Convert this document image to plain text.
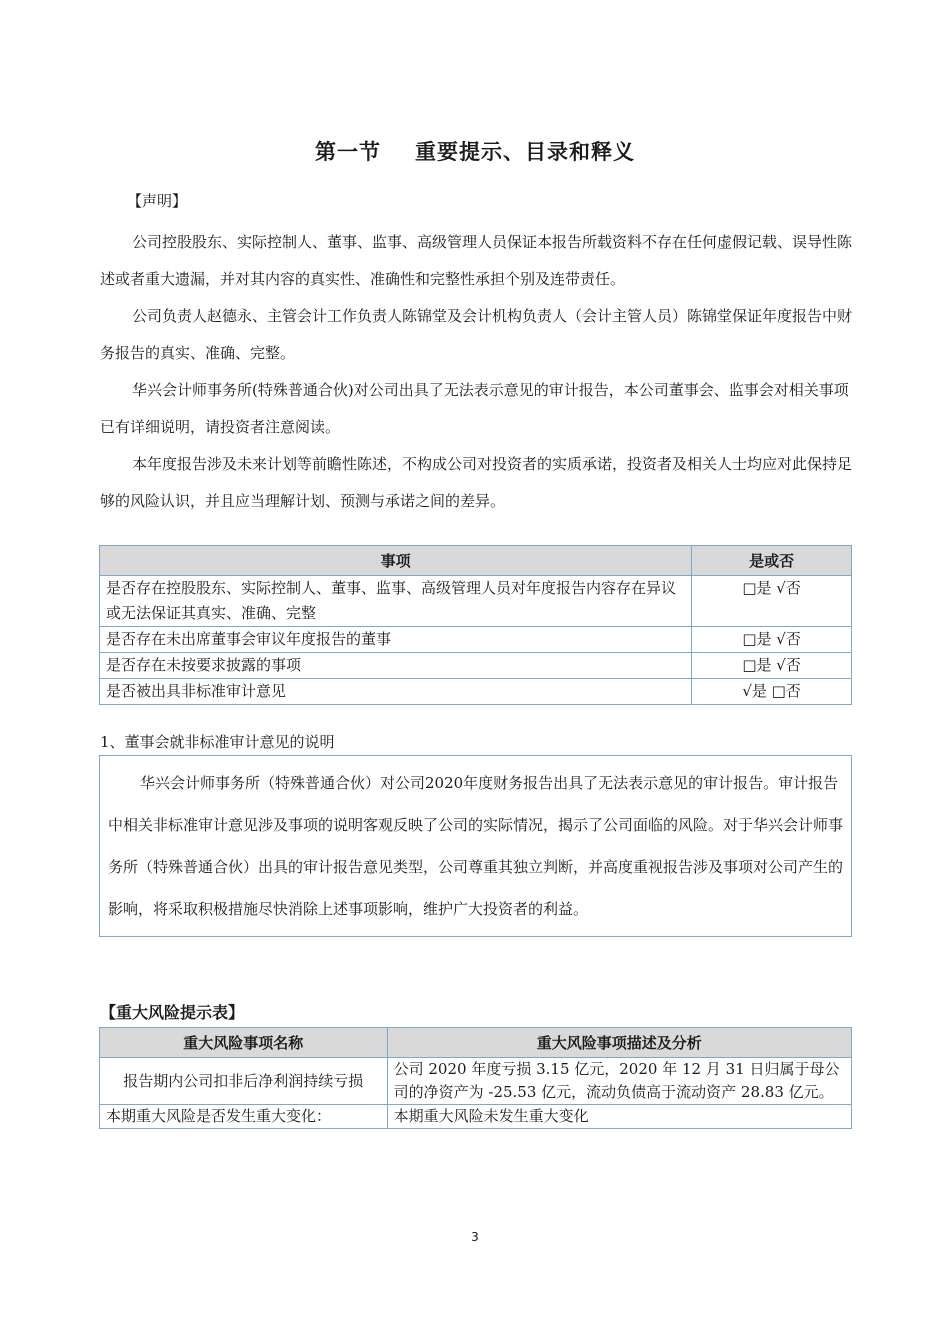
第一节 重要提示、目录和释义
【声明】

公司控股股东、实际控制人、董事、监事、高级管理人员保证本报告所载资料不存在任何虚假记载、误导性陈述或者重大遗漏，并对其内容的真实性、准确性和完整性承担个别及连带责任。

公司负责人赵德永、主管会计工作负责人陈锦堂及会计机构负责人（会计主管人员）陈锦堂保证年度报告中财务报告的真实、准确、完整。

华兴会计师事务所(特殊普通合伙)对公司出具了无法表示意见的审计报告，本公司董事会、监事会对相关事项已有详细说明，请投资者注意阅读。

本年度报告涉及未来计划等前瞻性陈述，不构成公司对投资者的实质承诺，投资者及相关人士均应对此保持足够的风险认识，并且应当理解计划、预测与承诺之间的差异。

事项	是或否
是否存在控股股东、实际控制人、董事、监事、高级管理人员对年度报告内容存在异议或无法保证其真实、准确、完整	□是 √否
是否存在未出席董事会审议年度报告的董事	□是 √否
是否存在未按要求披露的事项	□是 √否
是否被出具非标准审计意见	√是 □否
1、董事会就非标准审计意见的说明
华兴会计师事务所（特殊普通合伙）对公司2020年度财务报告出具了无法表示意见的审计报告。审计报告中相关非标准审计意见涉及事项的说明客观反映了公司的实际情况，揭示了公司面临的风险。对于华兴会计师事务所（特殊普通合伙）出具的审计报告意见类型，公司尊重其独立判断，并高度重视报告涉及事项对公司产生的影响，将采取积极措施尽快消除上述事项影响，维护广大投资者的利益。
【重大风险提示表】
重大风险事项名称	重大风险事项描述及分析
报告期内公司扣非后净利润持续亏损	公司 2020 年度亏损 3.15 亿元，2020 年 12 月 31 日归属于母公司的净资产为 -25.53 亿元，流动负债高于流动资产 28.83 亿元。
本期重大风险是否发生重大变化：	本期重大风险未发生重大变化
3
